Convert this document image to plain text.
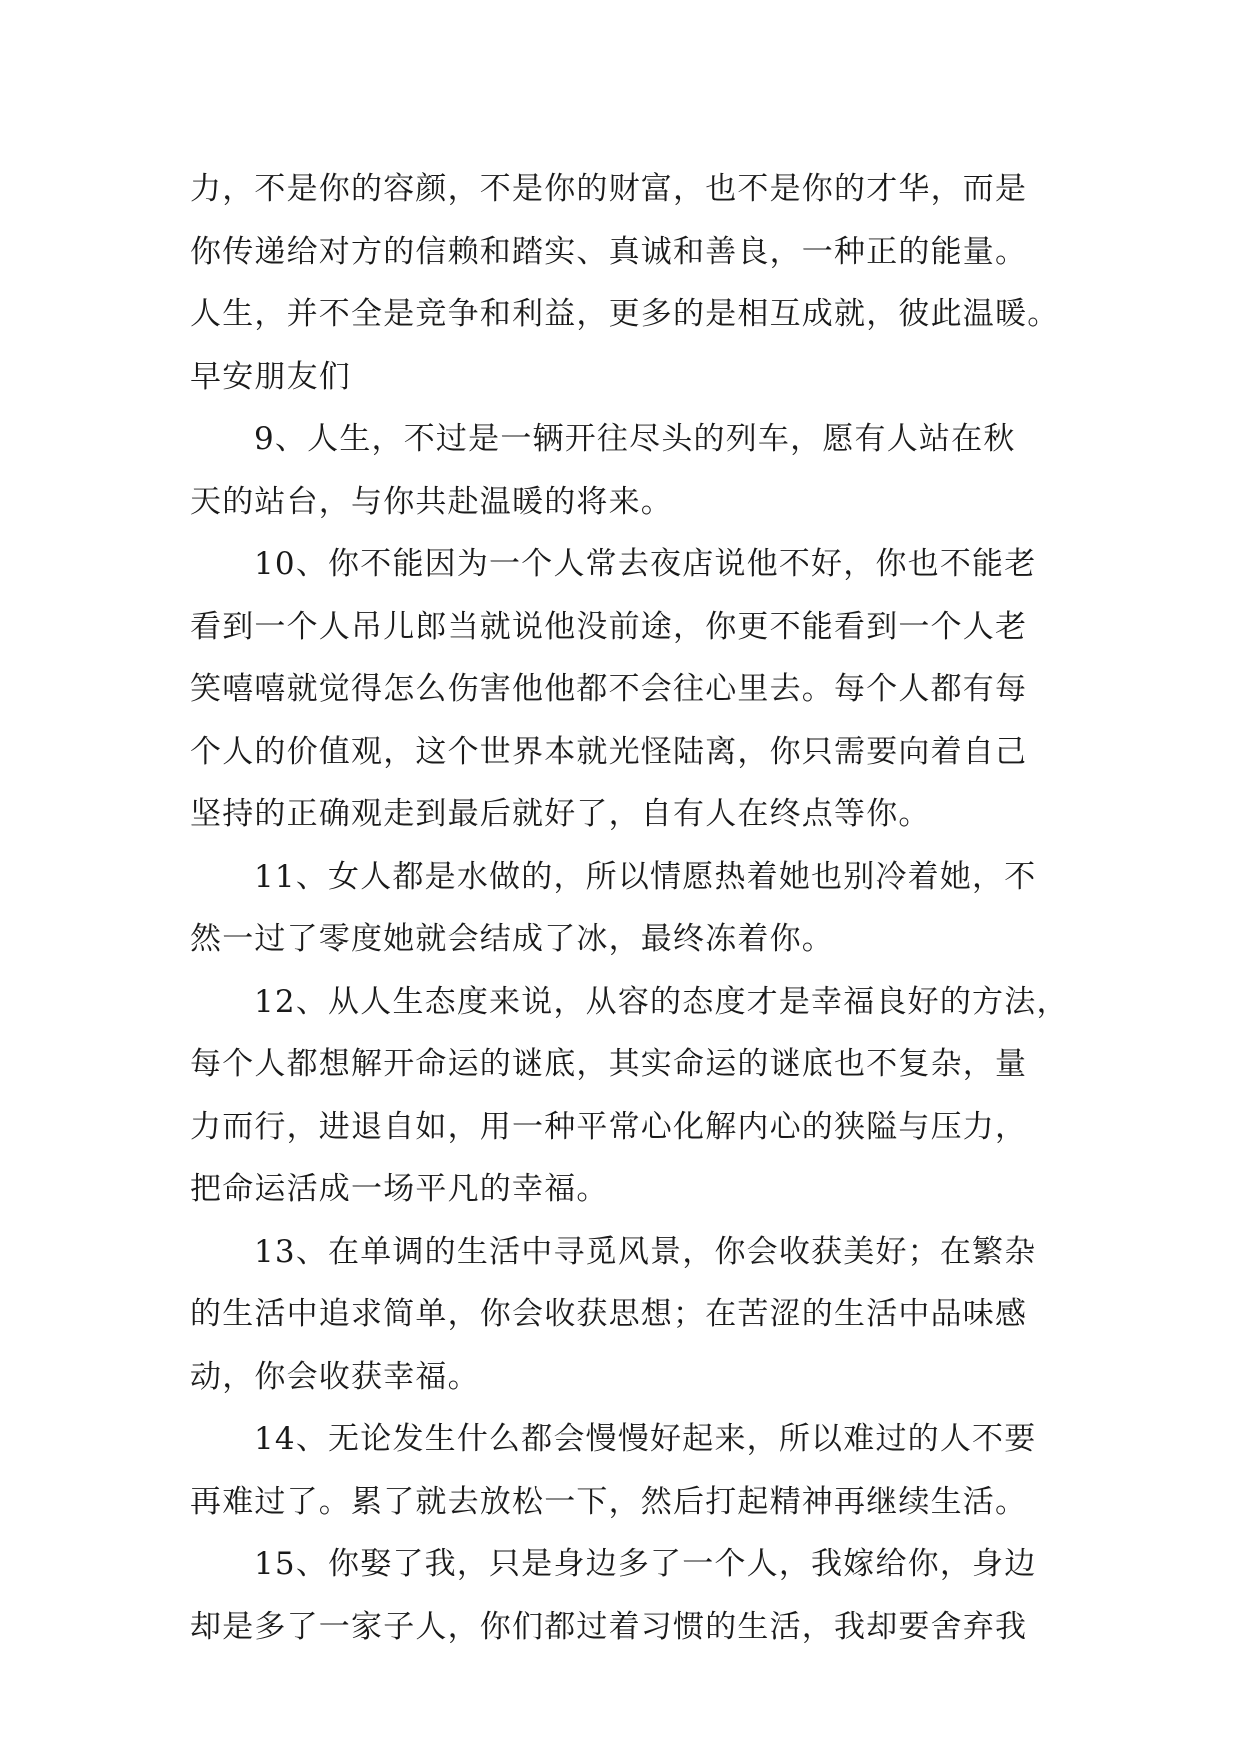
力，不是你的容颜，不是你的财富，也不是你的才华，而是
你传递给对方的信赖和踏实、真诚和善良，一种正的能量。
人生，并不全是竞争和利益，更多的是相互成就，彼此温暖。
早安朋友们
9、人生，不过是一辆开往尽头的列车，愿有人站在秋
天的站台，与你共赴温暖的将来。
10、你不能因为一个人常去夜店说他不好，你也不能老
看到一个人吊儿郎当就说他没前途，你更不能看到一个人老
笑嘻嘻就觉得怎么伤害他他都不会往心里去。每个人都有每
个人的价值观，这个世界本就光怪陆离，你只需要向着自己
坚持的正确观走到最后就好了，自有人在终点等你。
11、女人都是水做的，所以情愿热着她也别冷着她，不
然一过了零度她就会结成了冰，最终冻着你。
12、从人生态度来说，从容的态度才是幸福良好的方法，
每个人都想解开命运的谜底，其实命运的谜底也不复杂，量
力而行，进退自如，用一种平常心化解内心的狭隘与压力，
把命运活成一场平凡的幸福。
13、在单调的生活中寻觅风景，你会收获美好；在繁杂
的生活中追求简单，你会收获思想；在苦涩的生活中品味感
动，你会收获幸福。
14、无论发生什么都会慢慢好起来，所以难过的人不要
再难过了。累了就去放松一下，然后打起精神再继续生活。
15、你娶了我，只是身边多了一个人，我嫁给你，身边
却是多了一家子人，你们都过着习惯的生活，我却要舍弃我
